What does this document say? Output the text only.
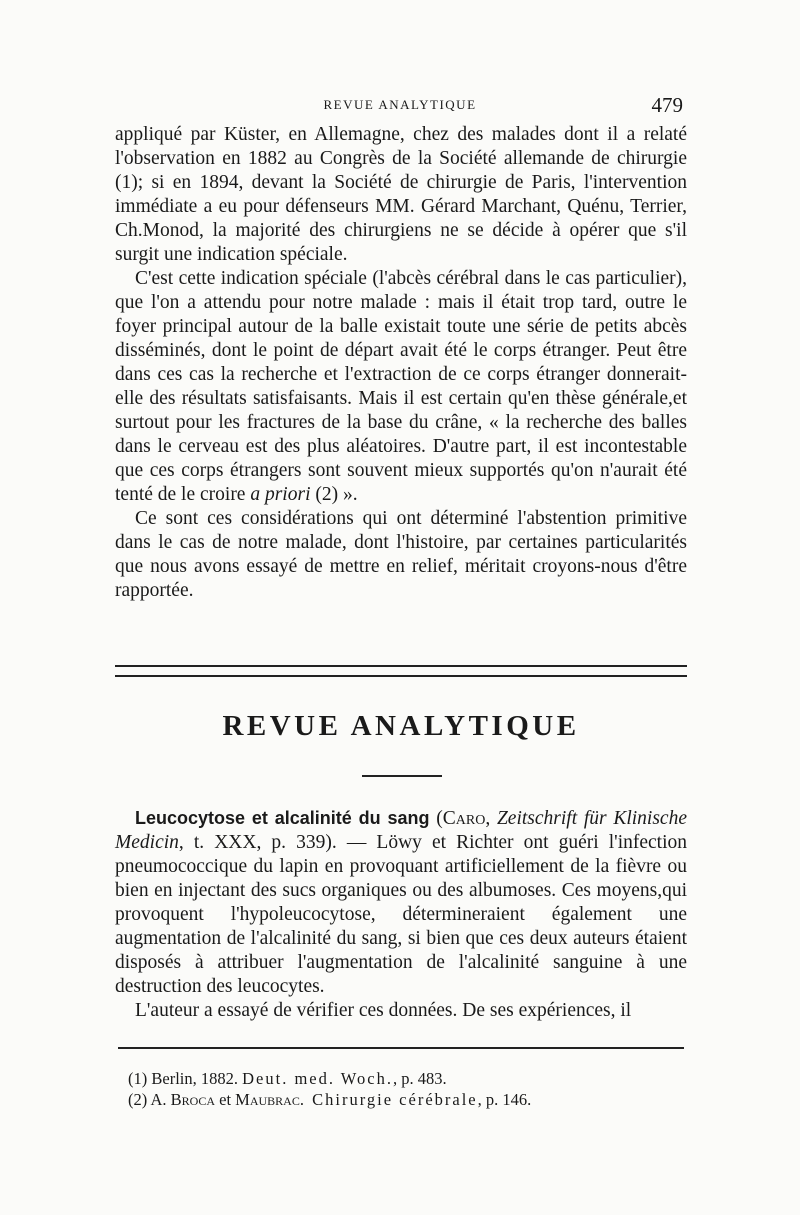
REVUE ANALYTIQUE	479

appliqué par Küster, en Allemagne, chez des malades dont il a relaté l'observation en 1882 au Congrès de la Société allemande de chirurgie (1); si en 1894, devant la Société de chirurgie de Paris, l'intervention immédiate a eu pour défenseurs MM. Gérard Marchant, Quénu, Terrier, Ch.Monod, la majorité des chirurgiens ne se décide à opérer que s'il surgit une indication spéciale.

C'est cette indication spéciale (l'abcès cérébral dans le cas particulier), que l'on a attendu pour notre malade : mais il était trop tard, outre le foyer principal autour de la balle existait toute une série de petits abcès disséminés, dont le point de départ avait été le corps étranger. Peut être dans ces cas la recherche et l'extraction de ce corps étranger donnerait-elle des résultats satisfaisants. Mais il est certain qu'en thèse générale,et surtout pour les fractures de la base du crâne, « la recherche des balles dans le cerveau est des plus aléatoires. D'autre part, il est incontestable que ces corps étrangers sont souvent mieux supportés qu'on n'aurait été tenté de le croire a priori (2) ».

Ce sont ces considérations qui ont déterminé l'abstention primitive dans le cas de notre malade, dont l'histoire, par certaines particularités que nous avons essayé de mettre en relief, méritait croyons-nous d'être rapportée.

REVUE ANALYTIQUE

Leucocytose et alcalinité du sang (Caro, Zeitschrift für Klinische Medicin, t. XXX, p. 339). — Löwy et Richter ont guéri l'infection pneumococcique du lapin en provoquant artificiellement de la fièvre ou bien en injectant des sucs organiques ou des albumoses. Ces moyens,qui provoquent l'hypoleucocytose, détermineraient également une augmentation de l'alcalinité du sang, si bien que ces deux auteurs étaient disposés à attribuer l'augmentation de l'alcalinité sanguine à une destruction des leucocytes.

L'auteur a essayé de vérifier ces données. De ses expériences, il

(1) Berlin, 1882. Deut. med. Woch., p. 483.
(2) A. Broca et Maubrac. Chirurgie cérébrale, p. 146.
